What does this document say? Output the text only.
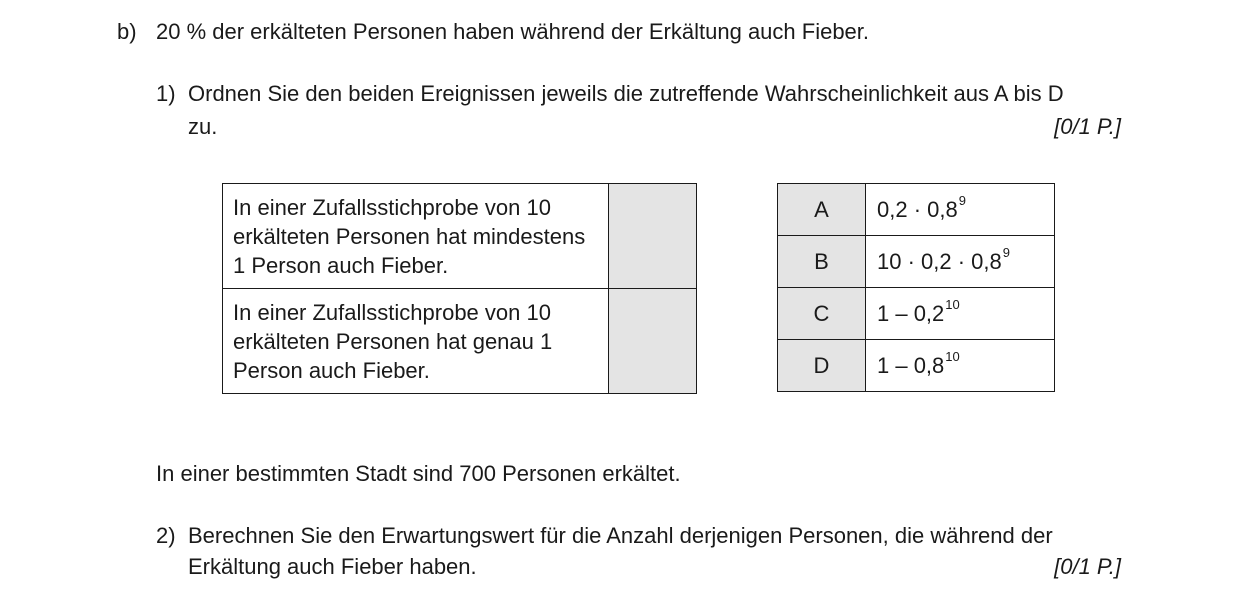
b) 20 % der erkälteten Personen haben während der Erkältung auch Fieber.
1) Ordnen Sie den beiden Ereignissen jeweils die zutreffende Wahrscheinlichkeit aus A bis D
zu.	[0/1 P.]
In einer Zufallsstichprobe von 10 erkälteten Personen hat mindestens 1 Person auch Fieber.	
In einer Zufallsstichprobe von 10 erkälteten Personen hat genau 1 Person auch Fieber.	
A	$0,2 \cdot 0,8^9$
B	$10 \cdot 0,2 \cdot 0,8^9$
C	$1 - 0,2^{10}$
D	$1 - 0,8^{10}$
In einer bestimmten Stadt sind 700 Personen erkältet.
2) Berechnen Sie den Erwartungswert für die Anzahl derjenigen Personen, die während der
Erkältung auch Fieber haben.	[0/1 P.]
